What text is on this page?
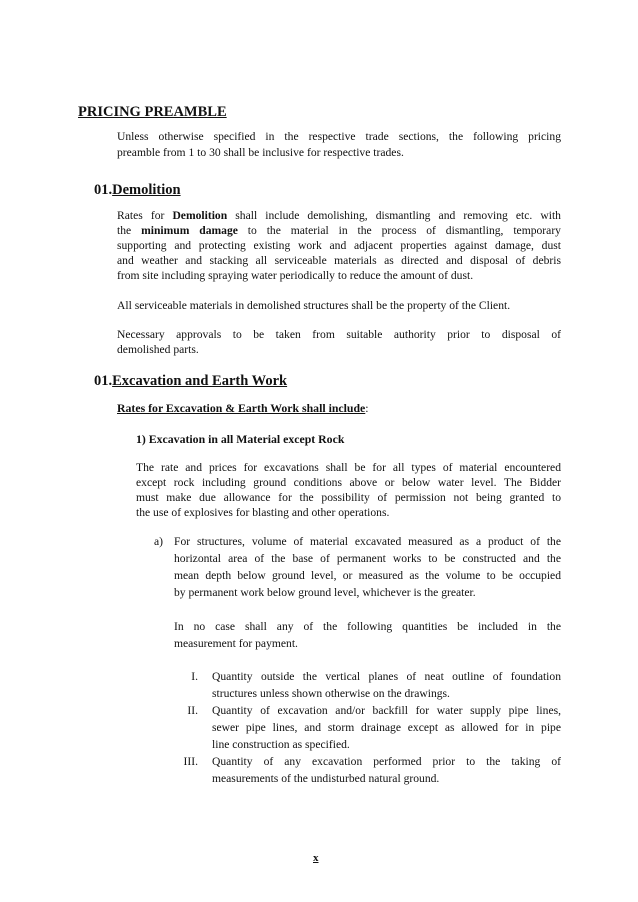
PRICING PREAMBLE
Unless otherwise specified in the respective trade sections, the following pricing
preamble from 1 to 30 shall be inclusive for respective trades.
01.Demolition
Rates for Demolition shall include demolishing, dismantling and removing etc. with
the minimum damage to the material in the process of dismantling, temporary
supporting and protecting existing work and adjacent properties against damage, dust
and weather and stacking all serviceable materials as directed and disposal of debris
from site including spraying water periodically to reduce the amount of dust.
All serviceable materials in demolished structures shall be the property of the Client.
Necessary approvals to be taken from suitable authority prior to disposal of
demolished parts.
01.Excavation and Earth Work
Rates for Excavation & Earth Work shall include:
1) Excavation in all Material except Rock
The rate and prices for excavations shall be for all types of material encountered
except rock including ground conditions above or below water level. The Bidder
must make due allowance for the possibility of permission not being granted to
the use of explosives for blasting and other operations.
a) For structures, volume of material excavated measured as a product of the
horizontal area of the base of permanent works to be constructed and the
mean depth below ground level, or measured as the volume to be occupied
by permanent work below ground level, whichever is the greater.
In no case shall any of the following quantities be included in the
measurement for payment.
I. Quantity outside the vertical planes of neat outline of foundation
structures unless shown otherwise on the drawings.
II. Quantity of excavation and/or backfill for water supply pipe lines,
sewer pipe lines, and storm drainage except as allowed for in pipe
line construction as specified.
III. Quantity of any excavation performed prior to the taking of
measurements of the undisturbed natural ground.
x
